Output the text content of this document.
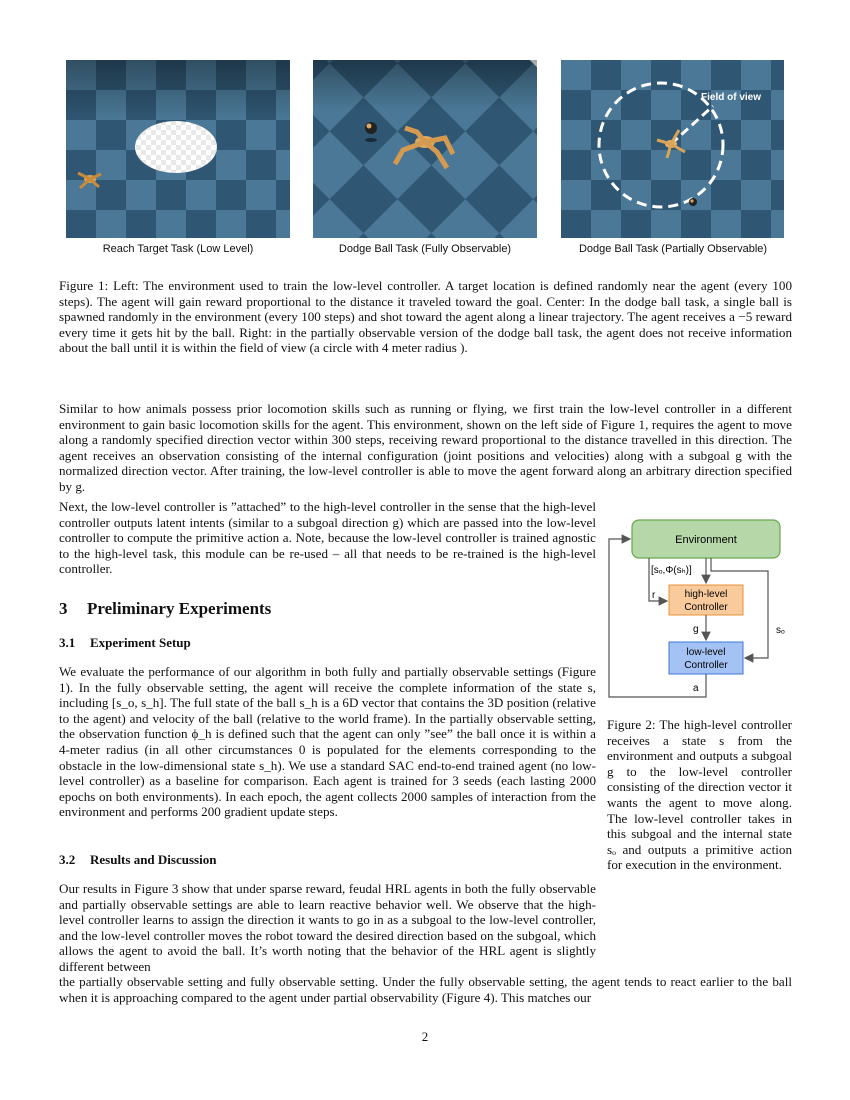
Field of view
Reach Target Task (Low Level)	Dodge Ball Task (Fully Observable)	Dodge Ball Task (Partially Observable)

Figure 1: Left: The environment used to train the low-level controller. A target location is defined randomly near the agent (every 100 steps). The agent will gain reward proportional to the distance it traveled toward the goal. Center: In the dodge ball task, a single ball is spawned randomly in the environment (every 100 steps) and shot toward the agent along a linear trajectory. The agent receives a −5 reward every time it gets hit by the ball. Right: in the partially observable version of the dodge ball task, the agent does not receive information about the ball until it is within the field of view (a circle with 4 meter radius ).

Similar to how animals possess prior locomotion skills such as running or flying, we first train the low-level controller in a different environment to gain basic locomotion skills for the agent. This environment, shown on the left side of Figure 1, requires the agent to move along a randomly specified direction vector within 300 steps, receiving reward proportional to the distance travelled in this direction. The agent receives an observation consisting of the internal configuration (joint positions and velocities) along with a subgoal g with the normalized direction vector. After training, the low-level controller is able to move the agent forward along an arbitrary direction specified by g.

Next, the low-level controller is ”attached” to the high-level controller in the sense that the high-level controller outputs latent intents (similar to a subgoal direction g) which are passed into the low-level controller to compute the primitive action a. Note, because the low-level controller is trained agnostic to the high-level task, this module can be re-used – all that needs to be re-trained is the high-level controller.

3 Preliminary Experiments
3.1 Experiment Setup

We evaluate the performance of our algorithm in both fully and partially observable settings (Figure 1). In the fully observable setting, the agent will receive the complete information of the state s, including [s_o, s_h]. The full state of the ball s_h is a 6D vector that contains the 3D position (relative to the agent) and velocity of the ball (relative to the world frame). In the partially observable setting, the observation function ϕ_h is defined such that the agent can only ”see” the ball once it is within a 4-meter radius (in all other circumstances 0 is populated for the elements corresponding to the obstacle in the low-dimensional state s_h). We use a standard SAC end-to-end trained agent (no low-level controller) as a baseline for comparison. Each agent is trained for 3 seeds (each lasting 2000 epochs on both environments). In each epoch, the agent collects 2000 samples of interaction from the environment and performs 200 gradient update steps.

3.2 Results and Discussion

Our results in Figure 3 show that under sparse reward, feudal HRL agents in both the fully observable and partially observable settings are able to learn reactive behavior well. We observe that the high-level controller learns to assign the direction it wants to go in as a subgoal to the low-level controller, and the low-level controller moves the robot toward the desired direction based on the subgoal, which allows the agent to avoid the ball. It’s worth noting that the behavior of the HRL agent is slightly different between

the partially observable setting and fully observable setting. Under the fully observable setting, the agent tends to react earlier to the ball when it is approaching compared to the agent under partial observability (Figure 4). This matches our

Environment
[sₒ,Φ(sₕ)]
high-level
Controller
low-level
Controller
r
g	sₒ
a
Figure 2: The high-level controller receives a state s from the environment and outputs a subgoal g to the low-level controller consisting of the direction vector it wants the agent to move along. The low-level controller takes in this subgoal and the internal state sₒ and outputs a primitive action for execution in the environment.
2
